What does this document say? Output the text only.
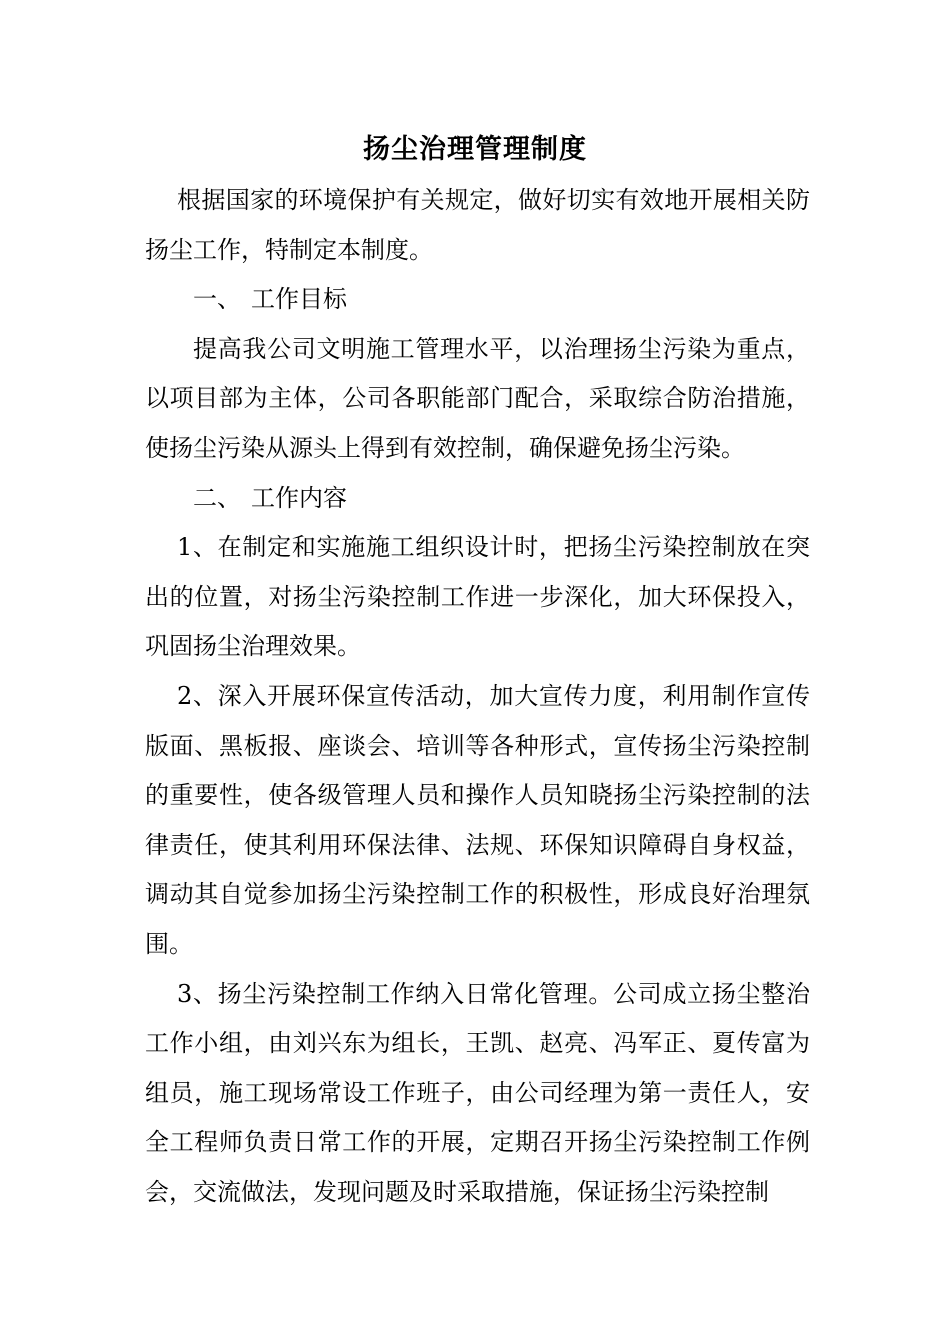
扬尘治理管理制度

根据国家的环境保护有关规定，做好切实有效地开展相关防扬尘工作，特制定本制度。

一、 工作目标

提高我公司文明施工管理水平，以治理扬尘污染为重点，以项目部为主体，公司各职能部门配合，采取综合防治措施，使扬尘污染从源头上得到有效控制，确保避免扬尘污染。

二、 工作内容

1、在制定和实施施工组织设计时，把扬尘污染控制放在突出的位置，对扬尘污染控制工作进一步深化，加大环保投入，巩固扬尘治理效果。

2、深入开展环保宣传活动，加大宣传力度，利用制作宣传版面、黑板报、座谈会、培训等各种形式，宣传扬尘污染控制的重要性，使各级管理人员和操作人员知晓扬尘污染控制的法律责任，使其利用环保法律、法规、环保知识障碍自身权益，调动其自觉参加扬尘污染控制工作的积极性，形成良好治理氛围。

3、扬尘污染控制工作纳入日常化管理。公司成立扬尘整治工作小组，由刘兴东为组长，王凯、赵亮、冯军正、夏传富为组员，施工现场常设工作班子，由公司经理为第一责任人，安全工程师负责日常工作的开展，定期召开扬尘污染控制工作例会，交流做法，发现问题及时采取措施，保证扬尘污染控制
